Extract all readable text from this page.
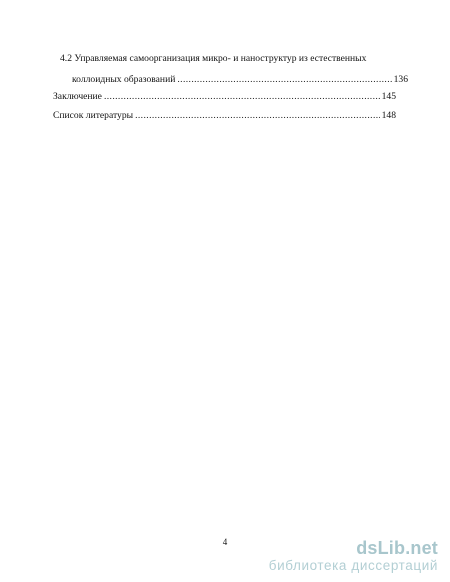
4.2 Управляемая самоорганизация микро- и наноструктур из естественных
коллоидных образований .....	136
Заключение .....	145
Список литературы .....	148
4	dsLib.net
библиотека диссертаций
